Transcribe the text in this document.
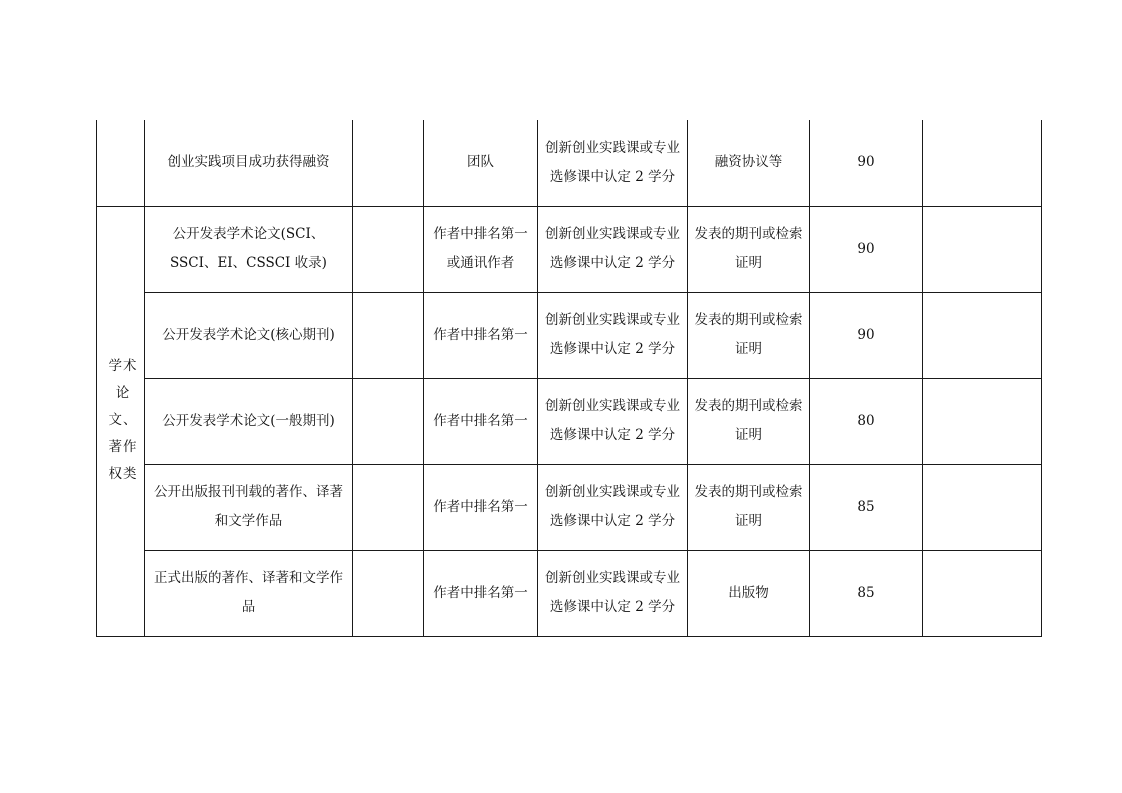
	创业实践项目成功获得融资		团队	创新创业实践课或专业选修课中认定 2 学分	融资协议等	90	
学术论文、著作权类	公开发表学术论文(SCI、SSCI、EI、CSSCI 收录)		作者中排名第一或通讯作者	创新创业实践课或专业选修课中认定 2 学分	发表的期刊或检索证明	90	
	公开发表学术论文(核心期刊)		作者中排名第一	创新创业实践课或专业选修课中认定 2 学分	发表的期刊或检索证明	90	
	公开发表学术论文(一般期刊)		作者中排名第一	创新创业实践课或专业选修课中认定 2 学分	发表的期刊或检索证明	80	
	公开出版报刊刊载的著作、译著和文学作品		作者中排名第一	创新创业实践课或专业选修课中认定 2 学分	发表的期刊或检索证明	85	
	正式出版的著作、译著和文学作品		作者中排名第一	创新创业实践课或专业选修课中认定 2 学分	出版物	85	
